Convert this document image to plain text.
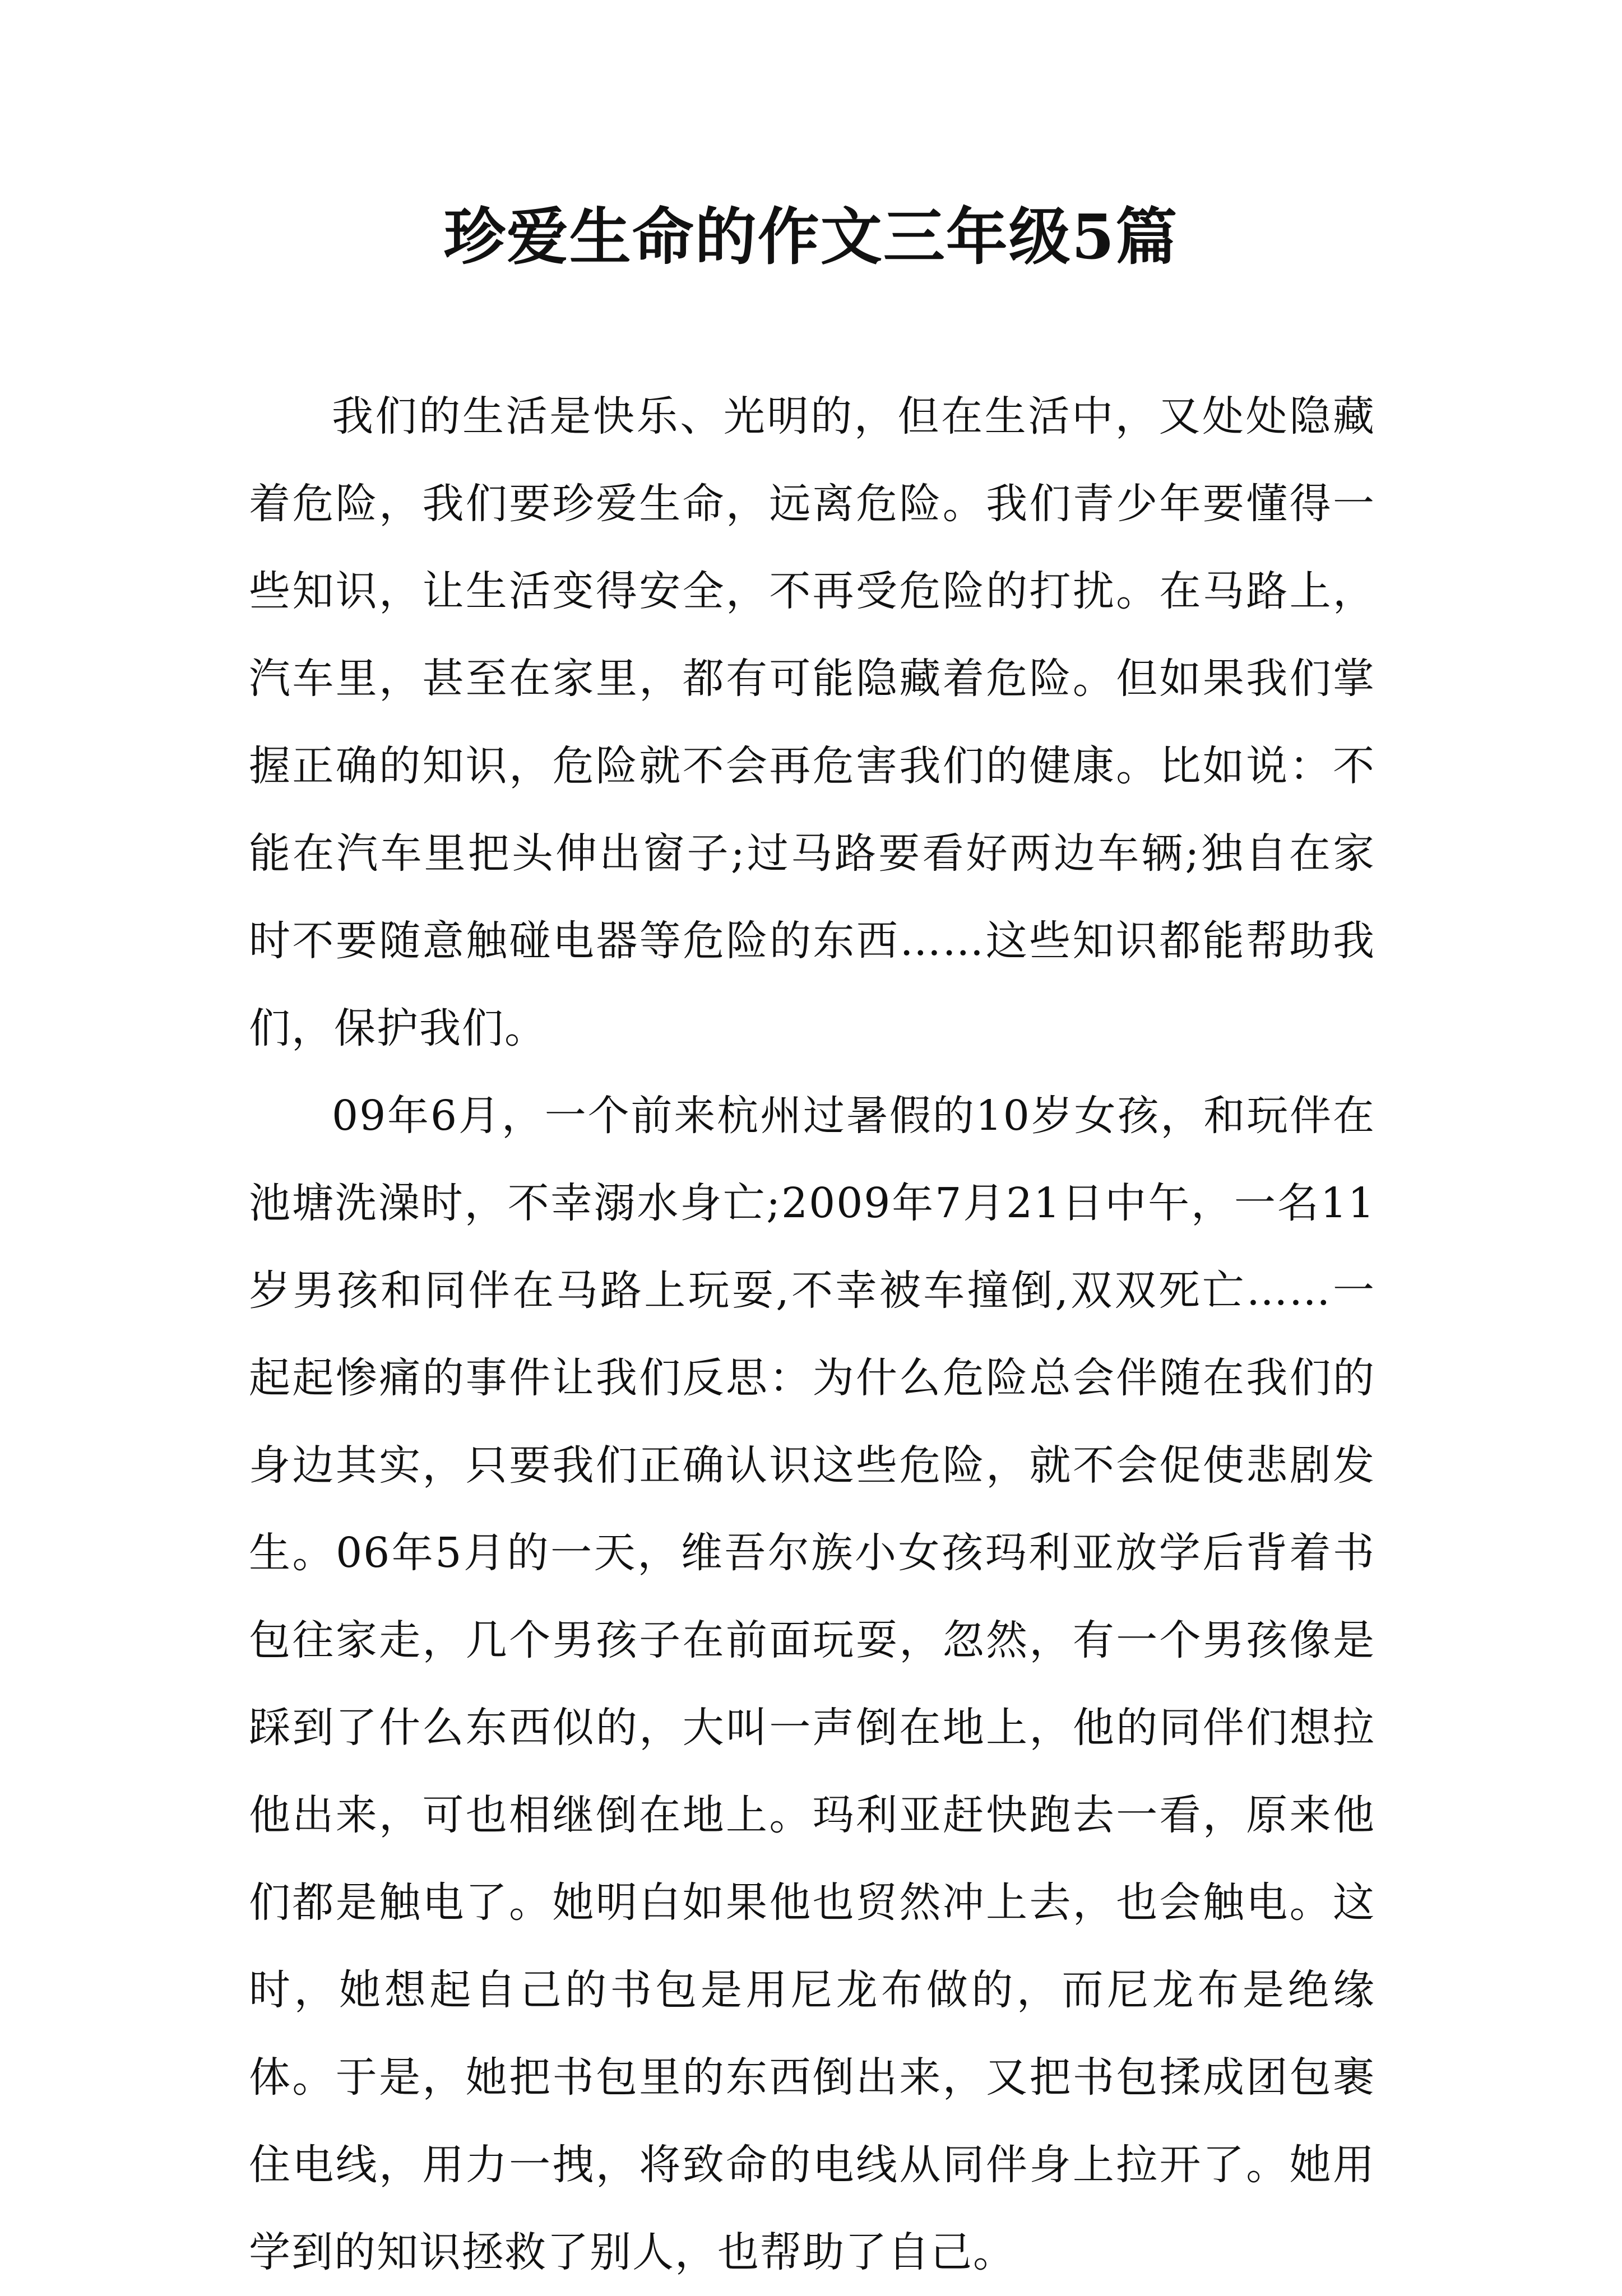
珍爱生命的作文三年级5篇

我们的生活是快乐、光明的，但在生活中，又处处隐藏着危险，我们要珍爱生命，远离危险。我们青少年要懂得一些知识，让生活变得安全，不再受危险的打扰。在马路上，汽车里，甚至在家里，都有可能隐藏着危险。但如果我们掌握正确的知识，危险就不会再危害我们的健康。比如说：不能在汽车里把头伸出窗子;过马路要看好两边车辆;独自在家时不要随意触碰电器等危险的东西……这些知识都能帮助我们，保护我们。

09年6月，一个前来杭州过暑假的10岁女孩，和玩伴在池塘洗澡时，不幸溺水身亡;2009年7月21日中午，一名11岁男孩和同伴在马路上玩耍,不幸被车撞倒,双双死亡……一起起惨痛的事件让我们反思：为什么危险总会伴随在我们的身边其实，只要我们正确认识这些危险，就不会促使悲剧发生。06年5月的一天，维吾尔族小女孩玛利亚放学后背着书包往家走，几个男孩子在前面玩耍，忽然，有一个男孩像是踩到了什么东西似的，大叫一声倒在地上，他的同伴们想拉他出来，可也相继倒在地上。玛利亚赶快跑去一看，原来他们都是触电了。她明白如果他也贸然冲上去，也会触电。这时，她想起自己的书包是用尼龙布做的，而尼龙布是绝缘体。于是，她把书包里的东西倒出来，又把书包揉成团包裹住电线，用力一拽，将致命的电线从同伴身上拉开了。她用学到的知识拯救了别人，也帮助了自己。
